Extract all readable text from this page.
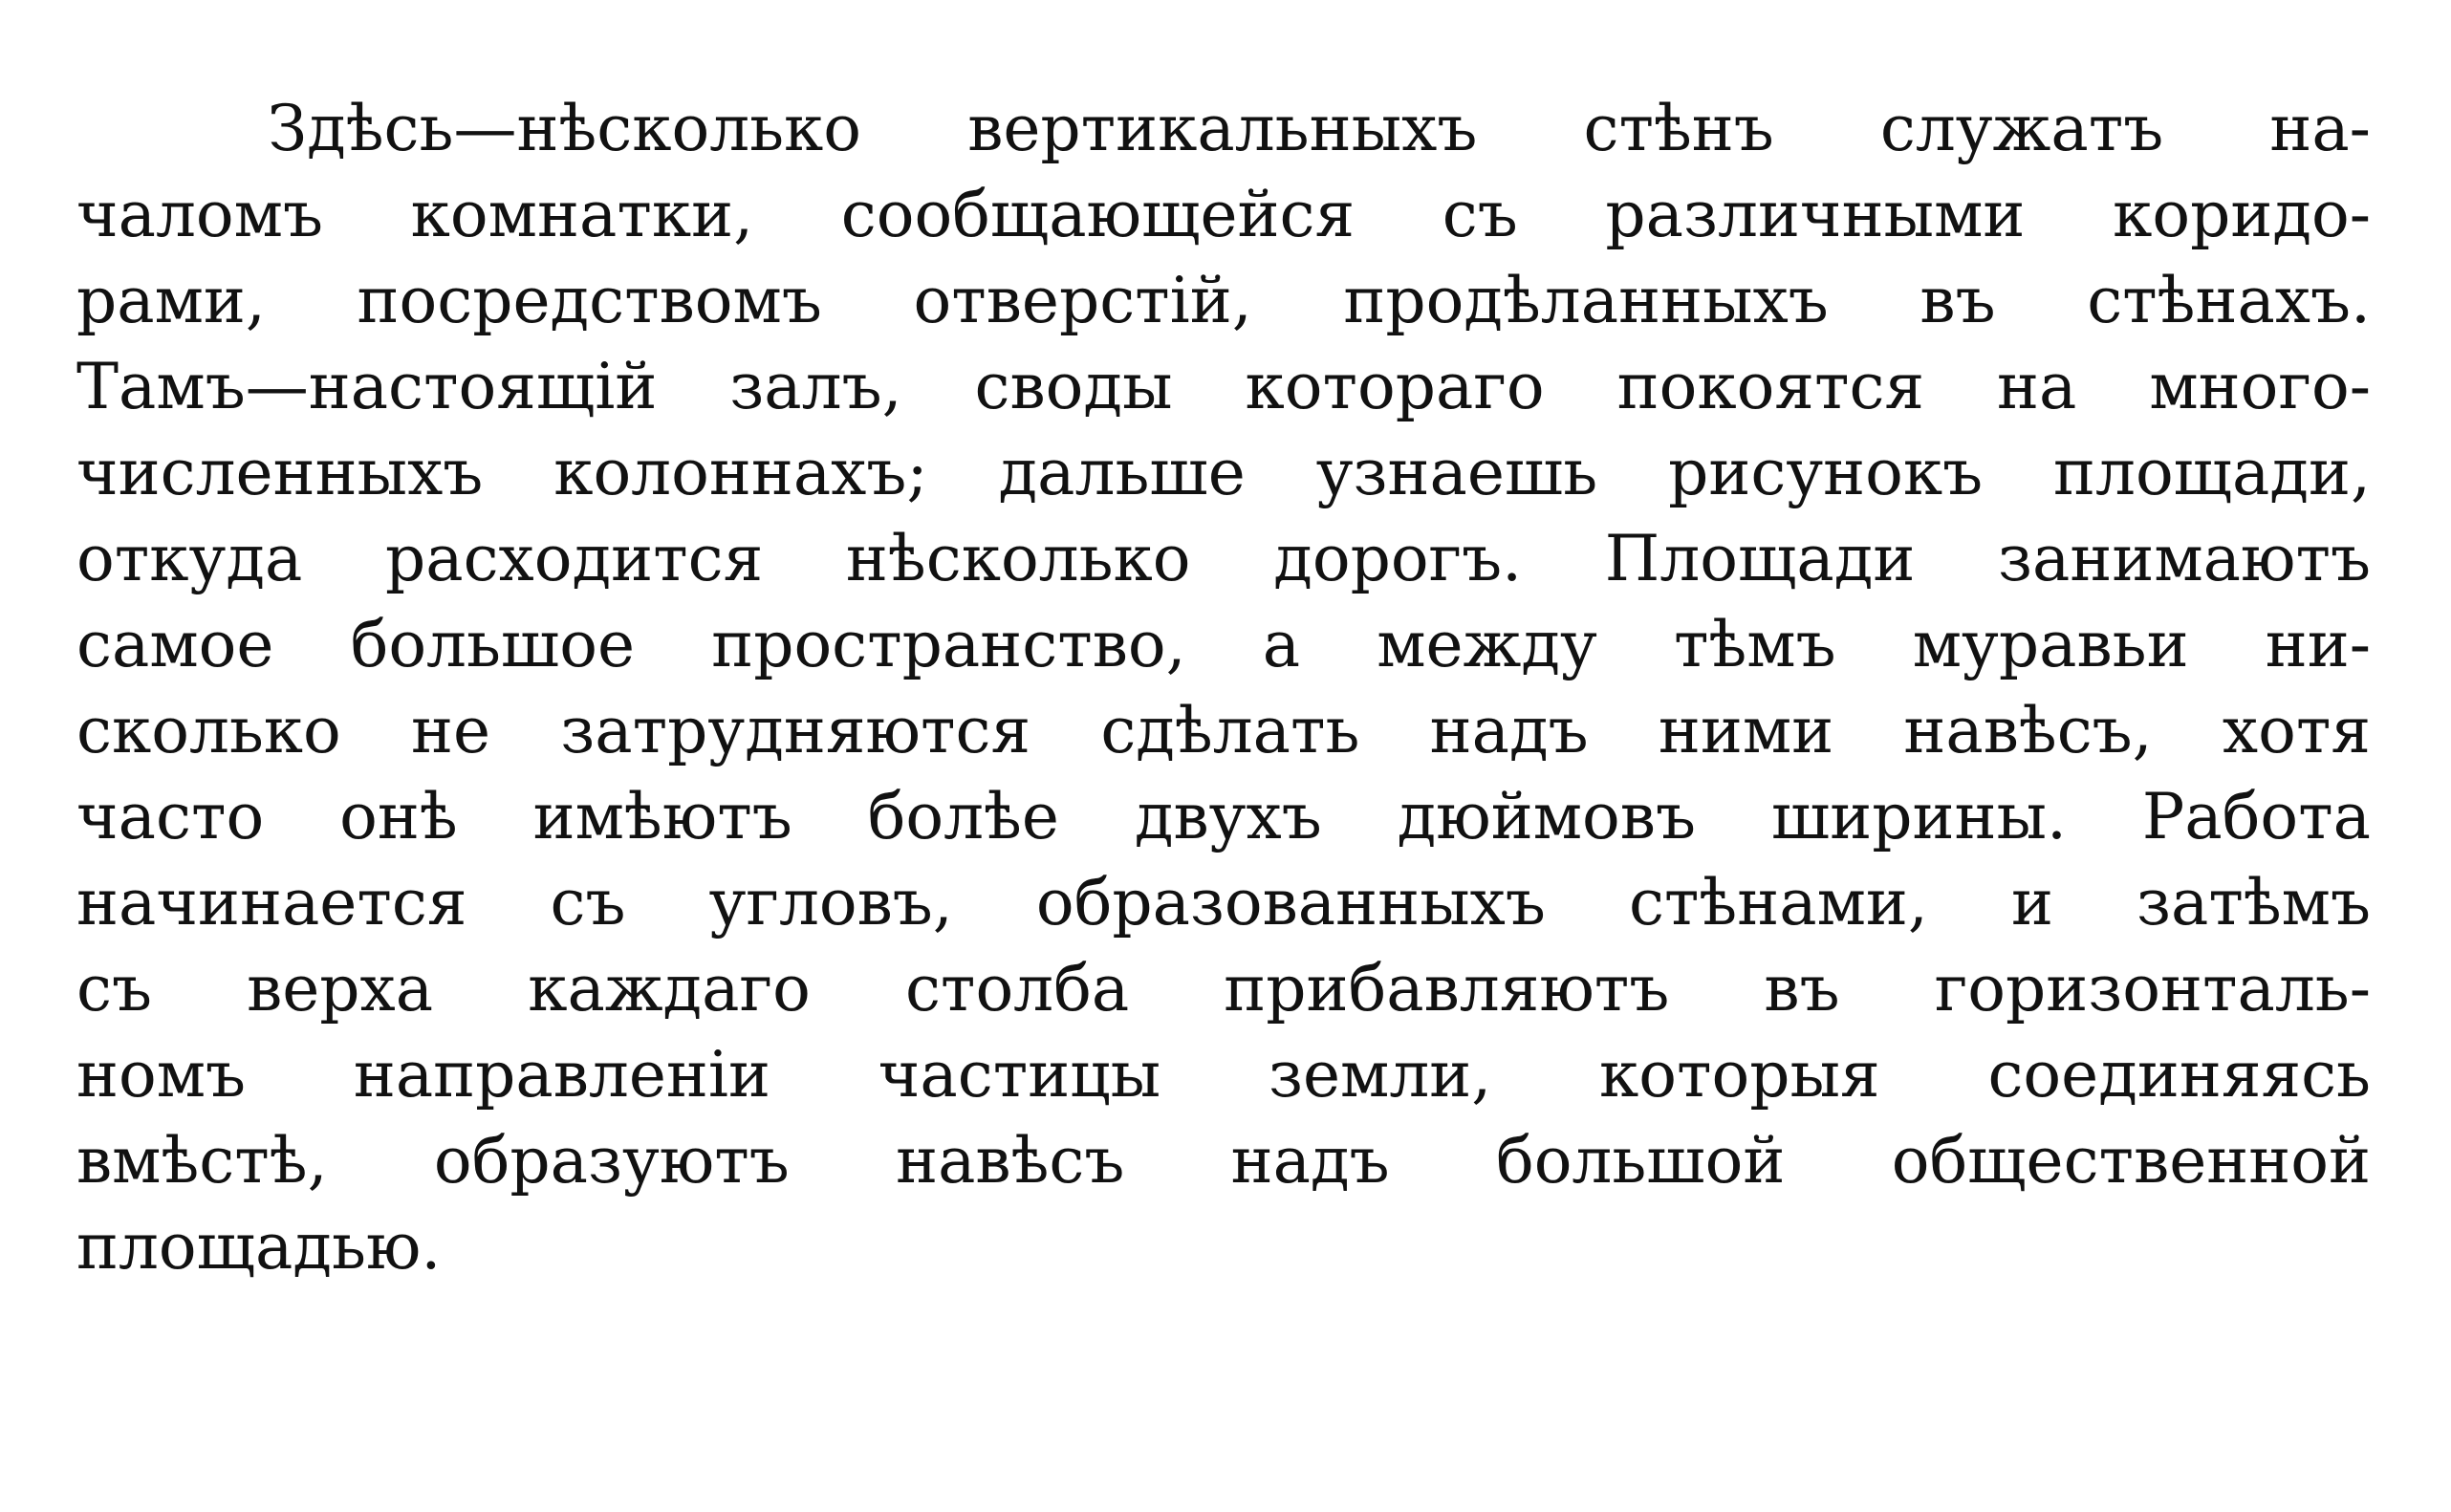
Здѣсь—нѣсколько вертикальныхъ стѣнъ служатъ на-
чаломъ комнатки, сообщающейся съ различными коридо-
рами, посредствомъ отверстій, продѣланныхъ въ стѣнахъ.
Тамъ—настоящій залъ, своды котораго покоятся на много-
численныхъ колоннахъ; дальше узнаешь рисунокъ площади,
откуда расходится нѣсколько дорогъ. Площади занимаютъ
самое большое пространство, а между тѣмъ муравьи ни-
сколько не затрудняются сдѣлать надъ ними навѣсъ, хотя
часто онѣ имѣютъ болѣе двухъ дюймовъ ширины. Работа
начинается съ угловъ, образованныхъ стѣнами, и затѣмъ
съ верха каждаго столба прибавляютъ въ горизонталь-
номъ направленіи частицы земли, которыя соединяясь
вмѣстѣ, образуютъ навѣсъ надъ большой общественной
площадью.
